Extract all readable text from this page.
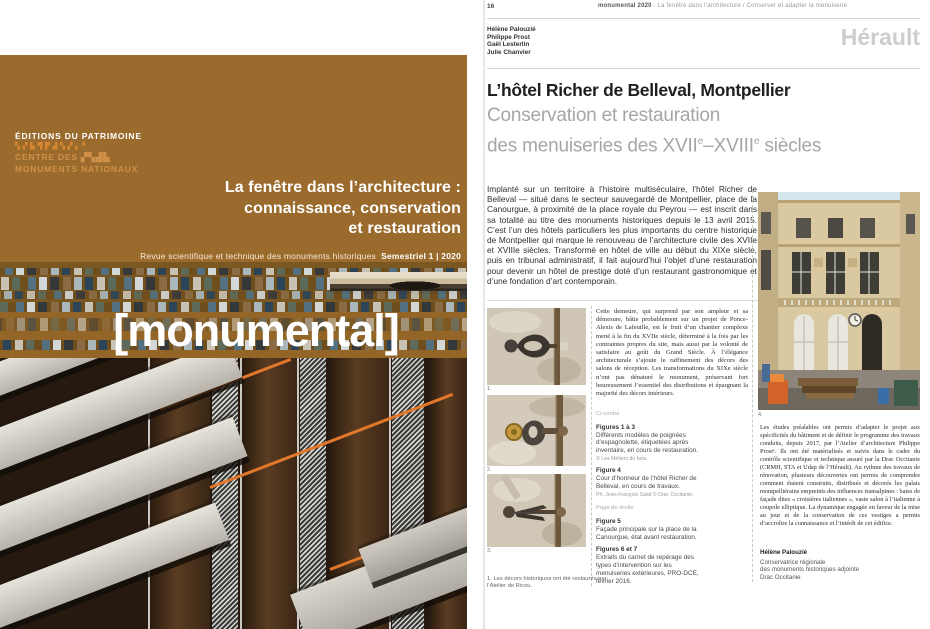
ÉDITIONS DU PATRIMOINE
▚▞▙▜▛▟▚▞▖▘
CENTRE DES ▞▚▟▙
MONUMENTS NATIONAUX
La fenêtre dans l’architecture :
connaissance, conservation
et restauration
Revue scientifique et technique des monuments historiques Semestriel 1 | 2020
[monumental]
16	monumental 2020 · La fenêtre dans l’architecture / Conserver et adapter la menuiserie
Hélène Palouzié
Philippe Prost
Gaël Lesterlin
Julie Chanvier
Hérault
L’hôtel Richer de Belleval, Montpellier
Conservation et restauration
des menuiseries des XVIIe–XVIIIe siècles
Implanté sur un territoire à l’histoire multiséculaire, l’hôtel Richer de Belleval — situé dans le secteur sauvegardé de Montpellier, place de la Canourgue, à proximité de la place royale du Peyrou — est inscrit dans sa totalité au titre des monuments historiques depuis le 13 avril 2015. C’est l’un des hôtels particuliers les plus importants du centre historique de Montpellier qui marque le renouveau de l’architecture civile des XVIIe et XVIIIe siècles. Transformé en hôtel de ville au début du XIXe siècle, puis en tribunal administratif, il fait aujourd’hui l’objet d’une restauration pour devenir un hôtel de prestige doté d’un restaurant gastronomique et d’une fondation d’art contemporain.
4.
1.
2.
3.
Cette demeure, qui surprend par son ampleur et sa démesure, bâtie probablement sur un projet de Ponce-Alexis de Lafeuille, est le fruit d’un chantier complexe mené à la fin du XVIIe siècle, déterminé à la fois par les contraintes propres du site, mais aussi par la volonté de satisfaire au goût du Grand Siècle. À l’élégance architecturale s’ajoute le raffinement des décors des salons de réception. Les transformations du XIXe siècle n’ont pas dénaturé le monument, préservant fort heureusement l’essentiel des distributions et épargnant la majorité des décors intérieurs.
Les études préalables ont permis d’adapter le projet aux spécificités du bâtiment et de définir le programme des travaux conduits, depuis 2017, par l’Atelier d’architecture Philippe Prost¹. Ils ont été matérialisés et suivis dans le cadre du contrôle scientifique et technique assuré par la Drac Occitanie (CRMH, STA et Udap de l’Hérault). Au rythme des travaux de rénovation, plusieurs découvertes ont permis de comprendre comment étaient construits, distribués et décorés les palais montpelliérains empreints des influences transalpines : baies de façade dites « croisières italiennes », vaste salon à l’italienne à coupole elliptique. La dynamique engagée en faveur de la mise au jour et de la conservation de ces vestiges a permis d’accroître la connaissance et l’intérêt de cet édifice.
Ci-contre
Figures 1 à 3
Différents modèles de poignées d’espagnolette, étiquetées après inventaire, en cours de restauration.
© Les Métiers du bois.
Figure 4
Cour d’honneur de l’hôtel Richer de Belleval, en cours de travaux.
Ph. Jean-François Salat © Drac Occitanie.
Page de droite
Figure 5
Façade principale sur la place de la Canourgue, état avant restauration.
Figures 6 et 7
Extraits du carnet de repérage des types d’intervention sur les menuiseries extérieures, PRO-DCE, février 2016.
Hélène Palouzié
Conservatrice régionale
des monuments historiques adjointe
Drac Occitanie
1. Les décors historiques ont été restaurés par l’Atelier de Ricou.
